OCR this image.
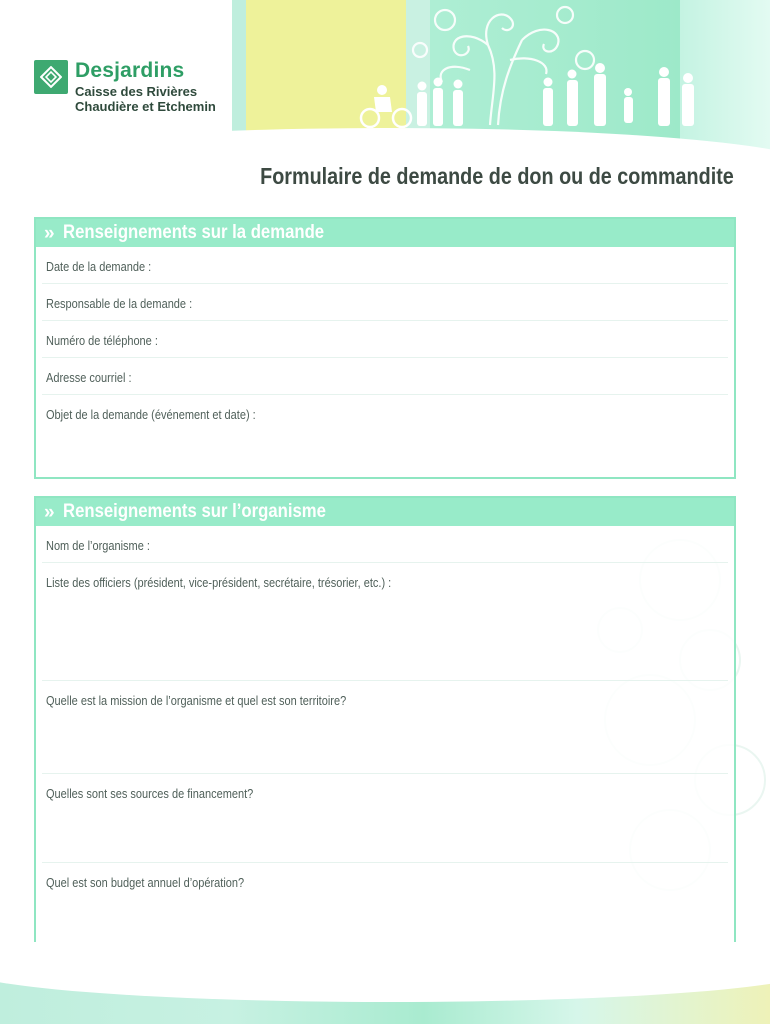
Desjardins
Caisse des Rivières
Chaudière et Etchemin
Formulaire de demande de don ou de commandite
» Renseignements sur la demande
Date de la demande :
Responsable de la demande :
Numéro de téléphone :
Adresse courriel :
Objet de la demande (événement et date) :
» Renseignements sur l’organisme
Nom de l’organisme :
Liste des officiers (président, vice-président, secrétaire, trésorier, etc.) :
Quelle est la mission de l’organisme et quel est son territoire?
Quelles sont ses sources de financement?
Quel est son budget annuel d’opération?
